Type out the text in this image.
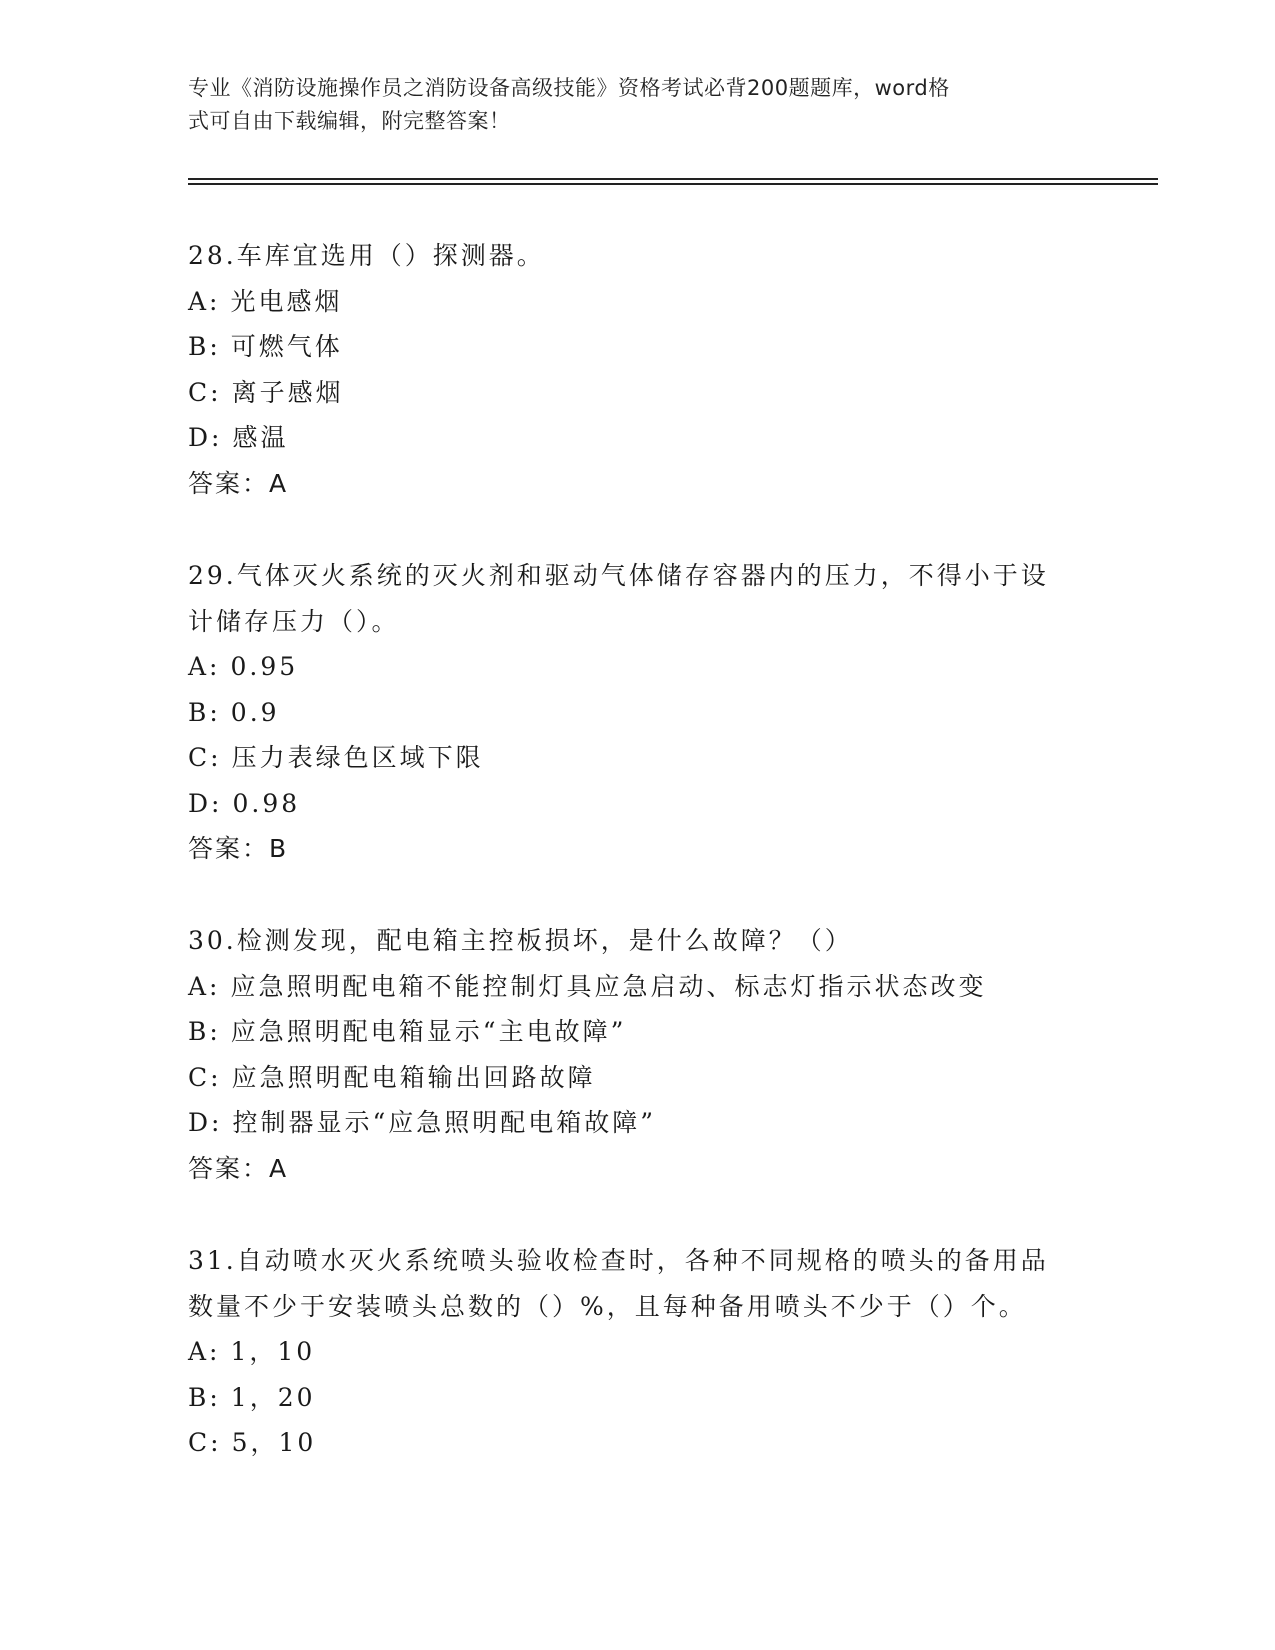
专业《消防设施操作员之消防设备高级技能》资格考试必背200题题库，word格
式可自由下载编辑，附完整答案！

28.车库宜选用（）探测器。

A: 光电感烟

B: 可燃气体

C: 离子感烟

D: 感温

答案：A

29.气体灭火系统的灭火剂和驱动气体储存容器内的压力，不得小于设

计储存压力（）。

A: 0.95

B: 0.9

C: 压力表绿色区域下限

D: 0.98

答案：B

30.检测发现，配电箱主控板损坏，是什么故障？（）

A: 应急照明配电箱不能控制灯具应急启动、标志灯指示状态改变

B: 应急照明配电箱显示“主电故障”

C: 应急照明配电箱输出回路故障

D: 控制器显示“应急照明配电箱故障”

答案：A

31.自动喷水灭火系统喷头验收检查时，各种不同规格的喷头的备用品

数量不少于安装喷头总数的（）%，且每种备用喷头不少于（）个。

A: 1，10

B: 1，20

C: 5，10
